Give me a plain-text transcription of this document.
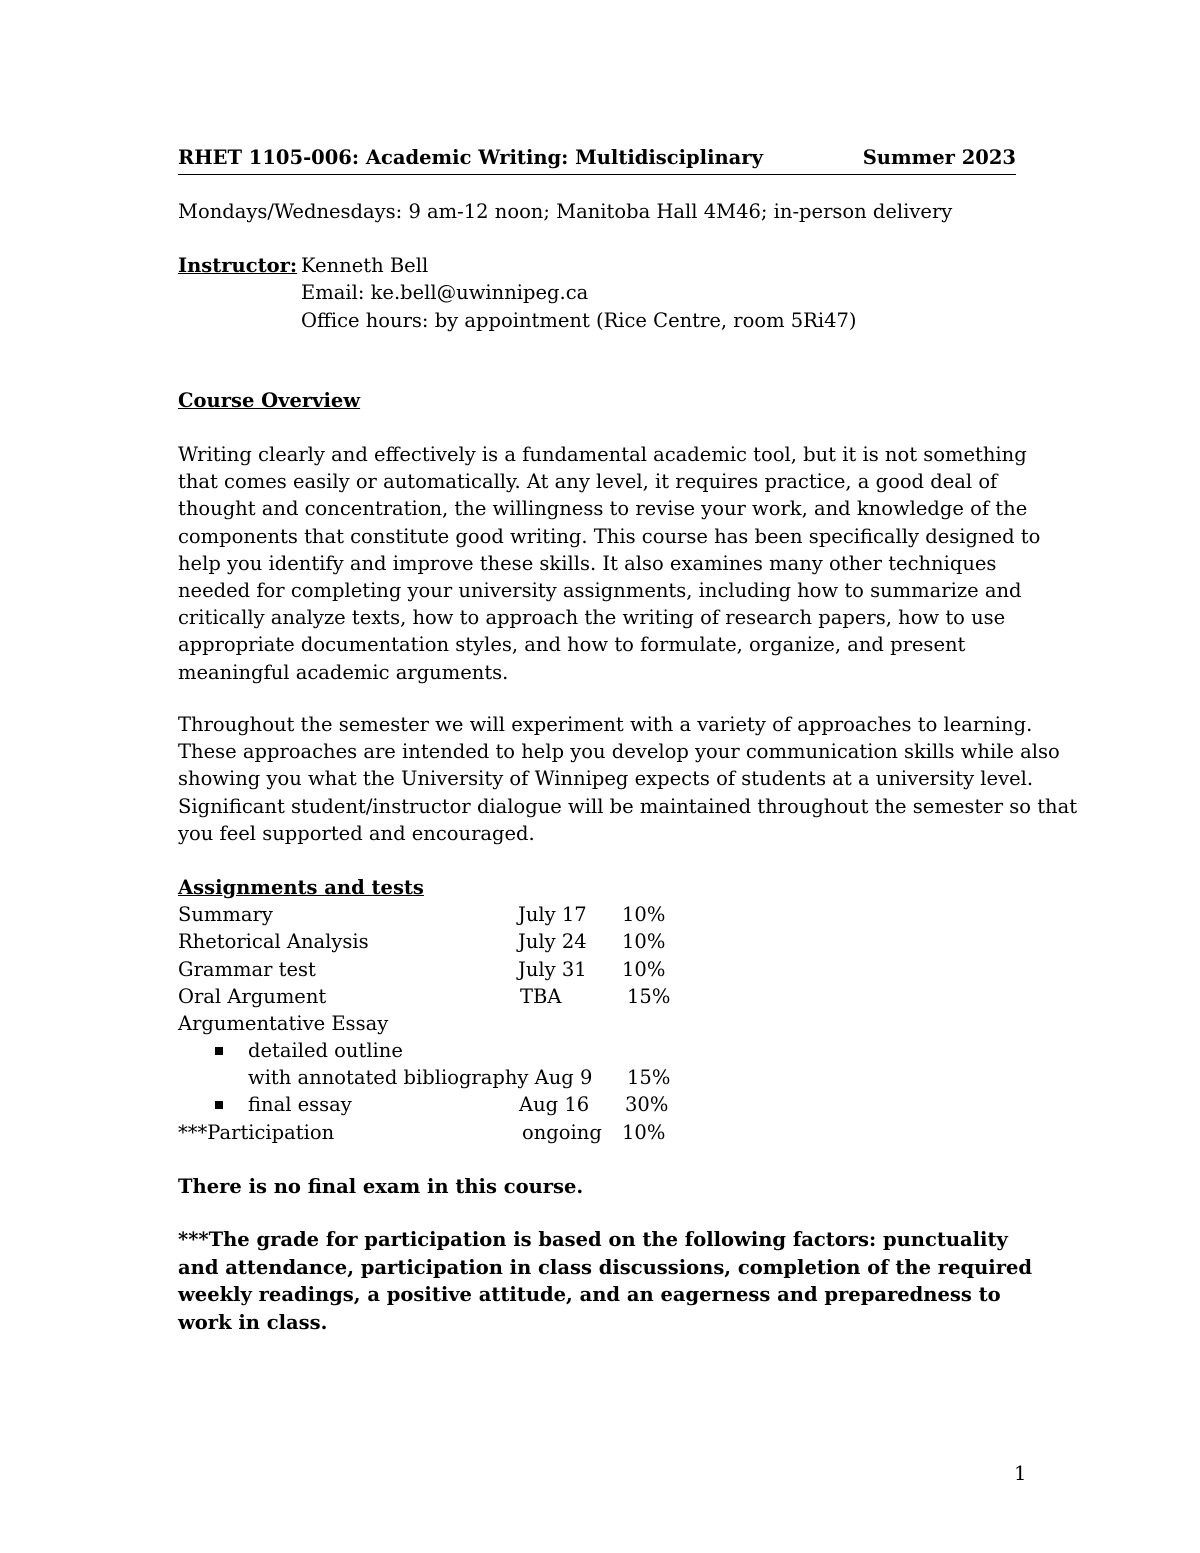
RHET 1105-006: Academic Writing: Multidisciplinary	Summer 2023
Mondays/Wednesdays: 9 am-12 noon; Manitoba Hall 4M46; in-person delivery
Instructor: Kenneth Bell
Email: ke.bell@uwinnipeg.ca
Office hours: by appointment (Rice Centre, room 5Ri47)
Course Overview
Writing clearly and effectively is a fundamental academic tool, but it is not something
that comes easily or automatically. At any level, it requires practice, a good deal of
thought and concentration, the willingness to revise your work, and knowledge of the
components that constitute good writing. This course has been specifically designed to
help you identify and improve these skills. It also examines many other techniques
needed for completing your university assignments, including how to summarize and
critically analyze texts, how to approach the writing of research papers, how to use
appropriate documentation styles, and how to formulate, organize, and present
meaningful academic arguments.
Throughout the semester we will experiment with a variety of approaches to learning.
These approaches are intended to help you develop your communication skills while also
showing you what the University of Winnipeg expects of students at a university level.
Significant student/instructor dialogue will be maintained throughout the semester so that
you feel supported and encouraged.
Assignments and tests
Summary	July 17 10%
Rhetorical Analysis	July 24 10%
Grammar test	July 31 10%
Oral Argument	TBA	15%
Argumentative Essay
detailed outline
with annotated bibliography Aug 9 15%
final essay	Aug 16 30%
***Participation	ongoing 10%
There is no final exam in this course.
***The grade for participation is based on the following factors: punctuality
and attendance, participation in class discussions, completion of the required
weekly readings, a positive attitude, and an eagerness and preparedness to
work in class.
1
